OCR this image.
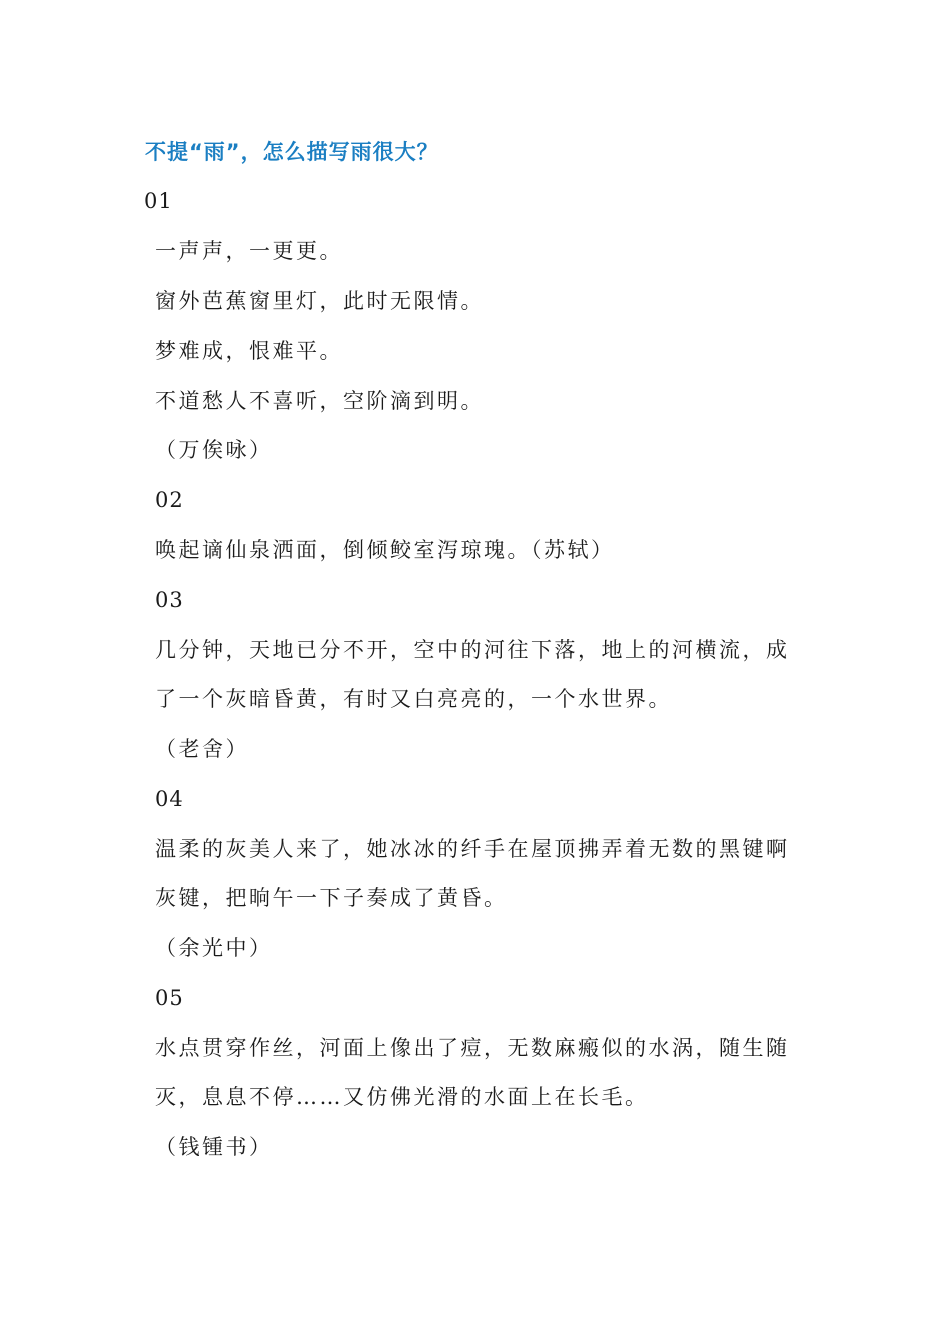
不提“雨”，怎么描写雨很大？
01
一声声，一更更。
窗外芭蕉窗里灯，此时无限情。
梦难成，恨难平。
不道愁人不喜听，空阶滴到明。
（万俟咏）
02
唤起谪仙泉洒面，倒倾鲛室泻琼瑰。（苏轼）
03
几分钟，天地已分不开，空中的河往下落，地上的河横流，成
了一个灰暗昏黄，有时又白亮亮的，一个水世界。
（老舍）
04
温柔的灰美人来了，她冰冰的纤手在屋顶拂弄着无数的黑键啊
灰键，把晌午一下子奏成了黄昏。
（余光中）
05
水点贯穿作丝，河面上像出了痘，无数麻瘢似的水涡，随生随
灭，息息不停……又仿佛光滑的水面上在长毛。
（钱锺书）
